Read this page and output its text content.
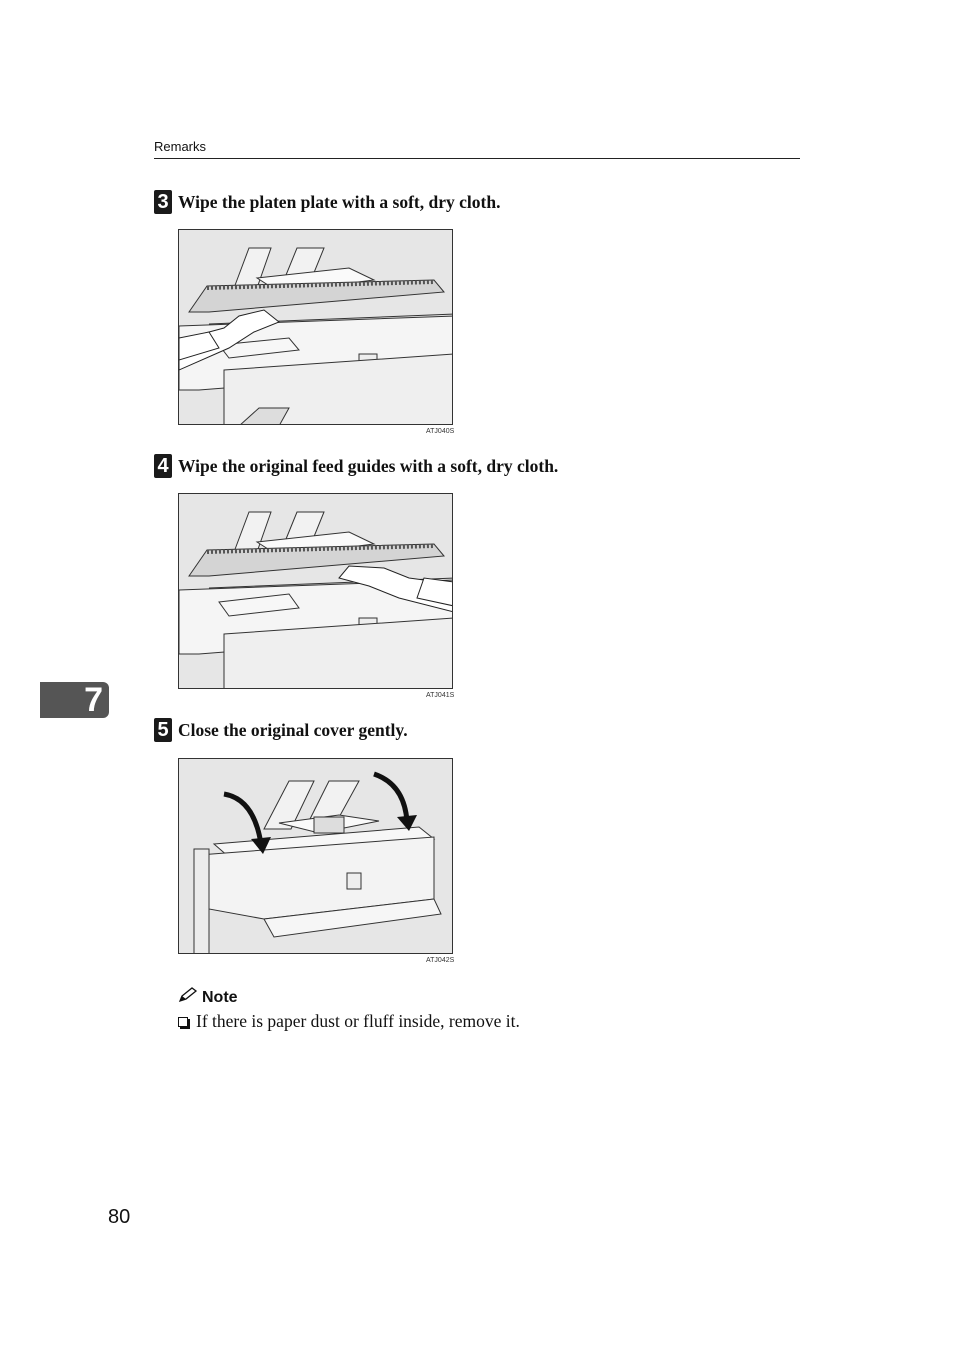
Remarks
3 Wipe the platen plate with a soft, dry cloth.
ATJ040S
4 Wipe the original feed guides with a soft, dry cloth.
ATJ041S
7
5 Close the original cover gently.
ATJ042S
Note
If there is paper dust or fluff inside, remove it.
80
